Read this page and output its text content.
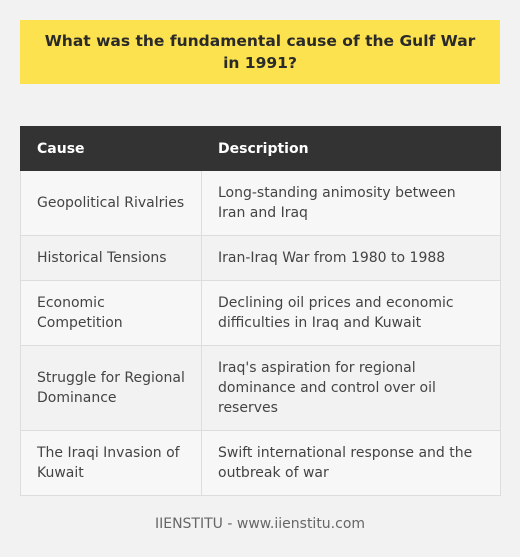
What was the fundamental cause of the Gulf War in 1991?
Cause	Description
Geopolitical Rivalries	Long-standing animosity between Iran and Iraq
Historical Tensions	Iran-Iraq War from 1980 to 1988
Economic Competition	Declining oil prices and economic difficulties in Iraq and Kuwait
Struggle for Regional Dominance	Iraq's aspiration for regional dominance and control over oil reserves
The Iraqi Invasion of Kuwait	Swift international response and the outbreak of war
IIENSTITU - www.iienstitu.com
